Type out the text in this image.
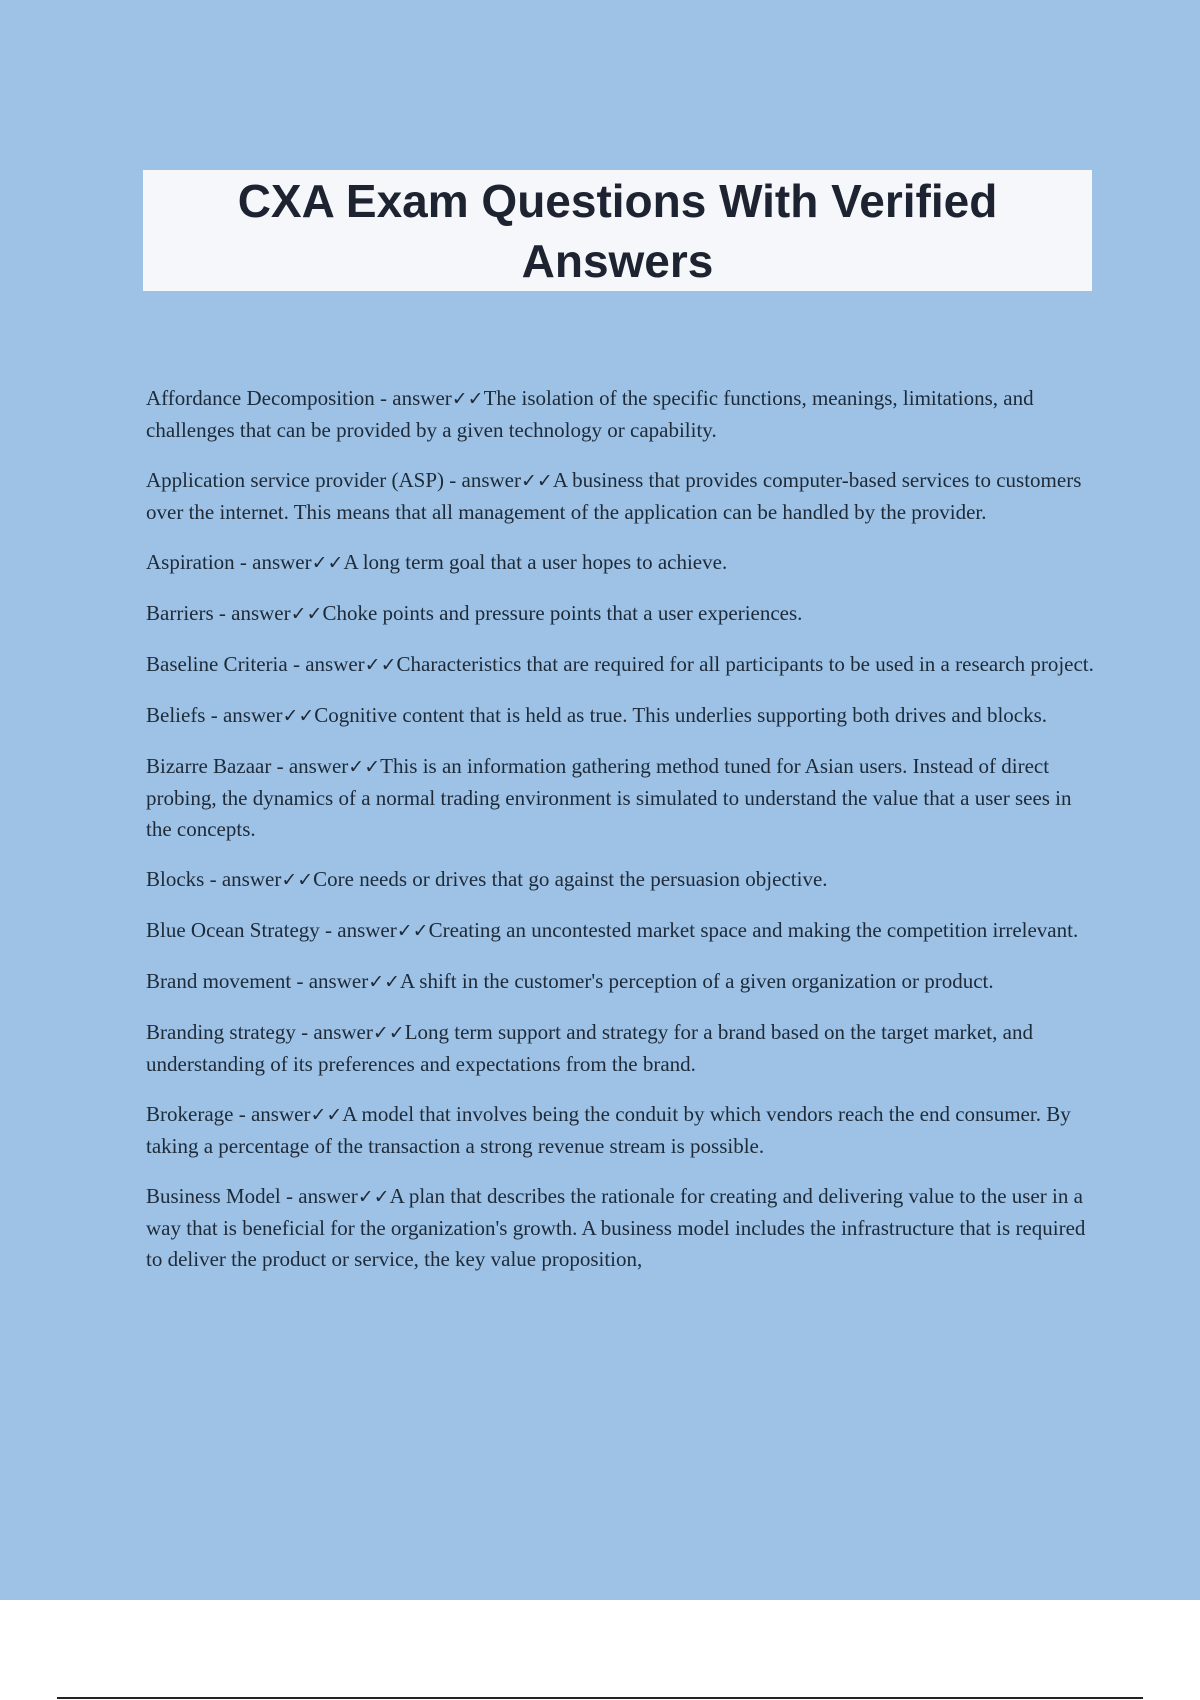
CXA Exam Questions With Verified Answers

Affordance Decomposition - answer✓✓The isolation of the specific functions, meanings, limitations, and challenges that can be provided by a given technology or capability.

Application service provider (ASP) - answer✓✓A business that provides computer-based services to customers over the internet. This means that all management of the application can be handled by the provider.

Aspiration - answer✓✓A long term goal that a user hopes to achieve.

Barriers - answer✓✓Choke points and pressure points that a user experiences.

Baseline Criteria - answer✓✓Characteristics that are required for all participants to be used in a research project.

Beliefs - answer✓✓Cognitive content that is held as true. This underlies supporting both drives and blocks.

Bizarre Bazaar - answer✓✓This is an information gathering method tuned for Asian users. Instead of direct probing, the dynamics of a normal trading environment is simulated to understand the value that a user sees in the concepts.

Blocks - answer✓✓Core needs or drives that go against the persuasion objective.

Blue Ocean Strategy - answer✓✓Creating an uncontested market space and making the competition irrelevant.

Brand movement - answer✓✓A shift in the customer's perception of a given organization or product.

Branding strategy - answer✓✓Long term support and strategy for a brand based on the target market, and understanding of its preferences and expectations from the brand.

Brokerage - answer✓✓A model that involves being the conduit by which vendors reach the end consumer. By taking a percentage of the transaction a strong revenue stream is possible.

Business Model - answer✓✓A plan that describes the rationale for creating and delivering value to the user in a way that is beneficial for the organization's growth. A business model includes the infrastructure that is required to deliver the product or service, the key value proposition,
